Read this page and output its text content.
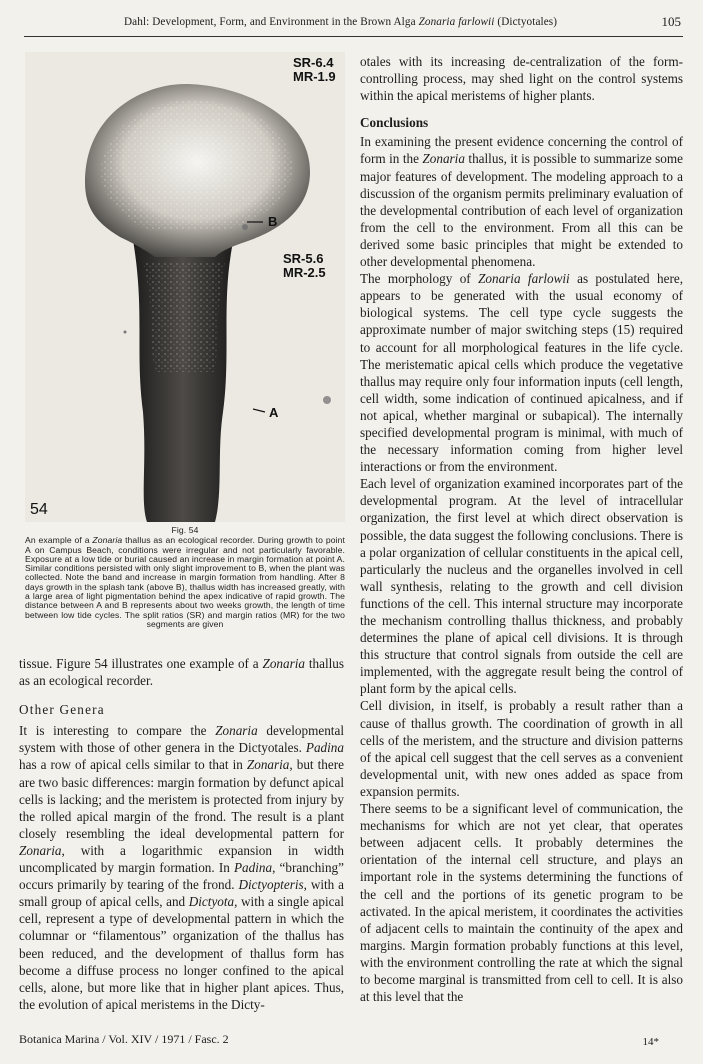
Dahl: Development, Form, and Environment in the Brown Alga Zonaria farlowii (Dictyotales)	105
SR-6.4
MR-1.9
SR-5.6
MR-2.5
B
A
54
Fig. 54
An example of a Zonaria thallus as an ecological recorder. During growth to point A on Campus Beach, conditions were irregular and not particularly favorable. Exposure at a low tide or burial caused an increase in margin formation at point A. Similar conditions persisted with only slight improvement to B, when the plant was collected. Note the band and increase in margin formation from handling. After 8 days growth in the splash tank (above B), thallus width has increased greatly, with a large area of light pigmentation behind the apex indicative of rapid growth. The distance between A and B represents about two weeks growth, the length of time between low tide cycles. The split ratios (SR) and margin ratios (MR) for the two segments are given

tissue. Figure 54 illustrates one example of a Zonaria thallus as an ecological recorder.

Other Genera

It is interesting to compare the Zonaria developmental system with those of other genera in the Dictyotales. Padina has a row of apical cells similar to that in Zonaria, but there are two basic differences: margin formation by defunct apical cells is lacking; and the meristem is protected from injury by the rolled apical margin of the frond. The result is a plant closely resembling the ideal developmental pattern for Zonaria, with a logarithmic expansion in width uncomplicated by margin formation. In Padina, “branching” occurs primarily by tearing of the frond. Dictyopteris, with a small group of apical cells, and Dictyota, with a single apical cell, represent a type of developmental pattern in which the columnar or “filamentous” organization of the thallus has been reduced, and the development of thallus form has become a diffuse process no longer confined to the apical cells, alone, but more like that in higher plant apices. Thus, the evolution of apical meristems in the Dicty-

otales with its increasing de-centralization of the form-controlling process, may shed light on the control systems within the apical meristems of higher plants.

Conclusions

In examining the present evidence concerning the control of form in the Zonaria thallus, it is possible to summarize some major features of development. The modeling approach to a discussion of the organism permits preliminary evaluation of the developmental contribution of each level of organization from the cell to the environment. From all this can be derived some basic principles that might be extended to other developmental phenomena.

The morphology of Zonaria farlowii as postulated here, appears to be generated with the usual economy of biological systems. The cell type cycle suggests the approximate number of major switching steps (15) required to account for all morphological features in the life cycle. The meristematic apical cells which produce the vegetative thallus may require only four information inputs (cell length, cell width, some indication of continued apicalness, and if not apical, whether marginal or subapical). The internally specified developmental program is minimal, with much of the necessary information coming from higher level interactions or from the environment.

Each level of organization examined incorporates part of the developmental program. At the level of intracellular organization, the first level at which direct observation is possible, the data suggest the following conclusions. There is a polar organization of cellular constituents in the apical cell, particularly the nucleus and the organelles involved in cell wall synthesis, relating to the growth and cell division functions of the cell. This internal structure may incorporate the mechanism controlling thallus thickness, and probably determines the plane of apical cell divisions. It is through this structure that control signals from outside the cell are implemented, with the aggregate result being the control of plant form by the apical cells.

Cell division, in itself, is probably a result rather than a cause of thallus growth. The coordination of growth in all cells of the meristem, and the structure and division patterns of the apical cell suggest that the cell serves as a convenient developmental unit, with new ones added as space from expansion permits.

There seems to be a significant level of communication, the mechanisms for which are not yet clear, that operates between adjacent cells. It probably determines the orientation of the internal cell structure, and plays an important role in the systems determining the functions of the cell and the portions of its genetic program to be activated. In the apical meristem, it coordinates the activities of adjacent cells to maintain the continuity of the apex and margins. Margin formation probably functions at this level, with the environment controlling the rate at which the signal to become marginal is transmitted from cell to cell. It is also at this level that the

Botanica Marina / Vol. XIV / 1971 / Fasc. 2	14*
